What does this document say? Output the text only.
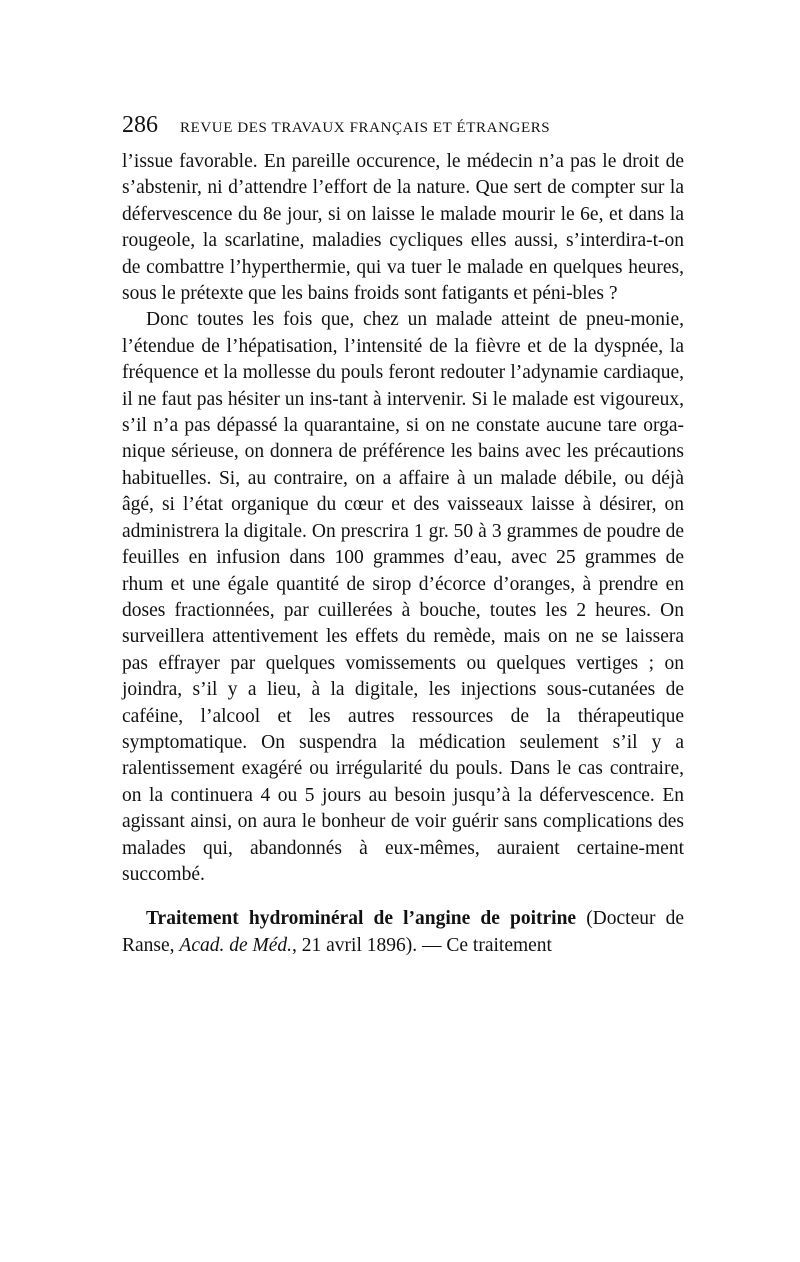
286 REVUE DES TRAVAUX FRANÇAIS ET ÉTRANGERS

l’issue favorable. En pareille occurence, le médecin n’a pas le droit de s’abstenir, ni d’attendre l’effort de la nature. Que sert de compter sur la défervescence du 8e jour, si on laisse le malade mourir le 6e, et dans la rougeole, la scarlatine, maladies cycliques elles aussi, s’interdira-t-on de combattre l’hyperthermie, qui va tuer le malade en quelques heures, sous le prétexte que les bains froids sont fatigants et péni-bles ?

Donc toutes les fois que, chez un malade atteint de pneu-monie, l’étendue de l’hépatisation, l’intensité de la fièvre et de la dyspnée, la fréquence et la mollesse du pouls feront redouter l’adynamie cardiaque, il ne faut pas hésiter un ins-tant à intervenir. Si le malade est vigoureux, s’il n’a pas dépassé la quarantaine, si on ne constate aucune tare orga-nique sérieuse, on donnera de préférence les bains avec les précautions habituelles. Si, au contraire, on a affaire à un malade débile, ou déjà âgé, si l’état organique du cœur et des vaisseaux laisse à désirer, on administrera la digitale. On prescrira 1 gr. 50 à 3 grammes de poudre de feuilles en infusion dans 100 grammes d’eau, avec 25 grammes de rhum et une égale quantité de sirop d’écorce d’oranges, à prendre en doses fractionnées, par cuillerées à bouche, toutes les 2 heures. On surveillera attentivement les effets du remède, mais on ne se laissera pas effrayer par quelques vomissements ou quelques vertiges ; on joindra, s’il y a lieu, à la digitale, les injections sous-cutanées de caféine, l’alcool et les autres ressources de la thérapeutique symptomatique. On suspendra la médication seulement s’il y a ralentissement exagéré ou irrégularité du pouls. Dans le cas contraire, on la continuera 4 ou 5 jours au besoin jusqu’à la défervescence. En agissant ainsi, on aura le bonheur de voir guérir sans complications des malades qui, abandonnés à eux-mêmes, auraient certaine-ment succombé.

Traitement hydrominéral de l’angine de poitrine (Docteur de Ranse, Acad. de Méd., 21 avril 1896). — Ce traitement
